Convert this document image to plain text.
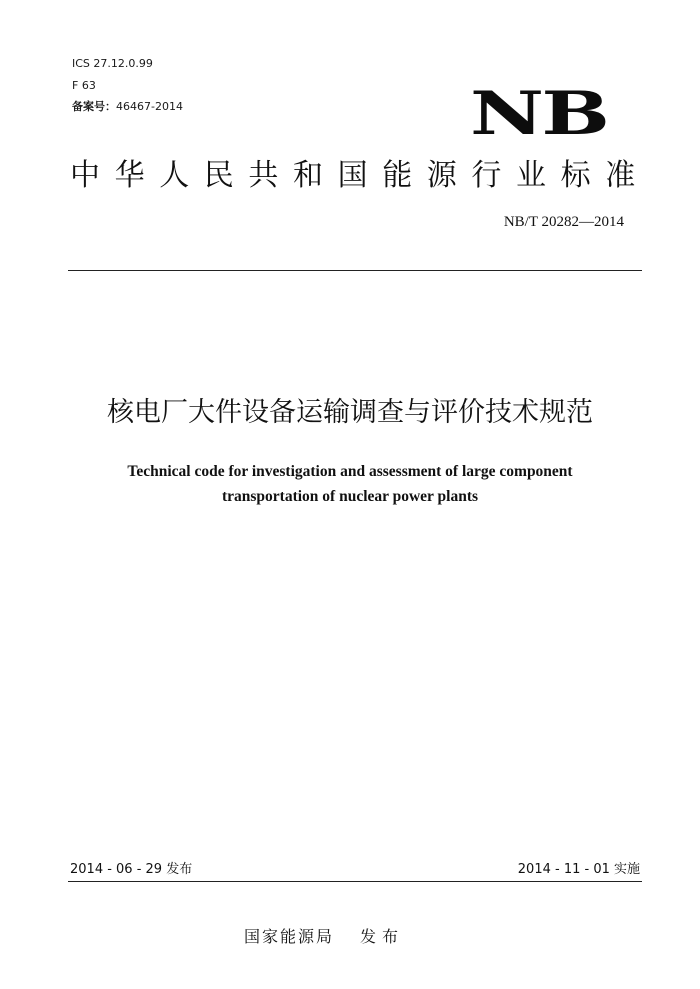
ICS 27.12.0.99
F 63
备案号：46467-2014	NB
中华人民共和国能源行业标准
NB/T 20282—2014
核电厂大件设备运输调查与评价技术规范
Technical code for investigation and assessment of large component
transportation of nuclear power plants
2014 - 06 - 29 发布	2014 - 11 - 01 实施
国家能源局 发布
